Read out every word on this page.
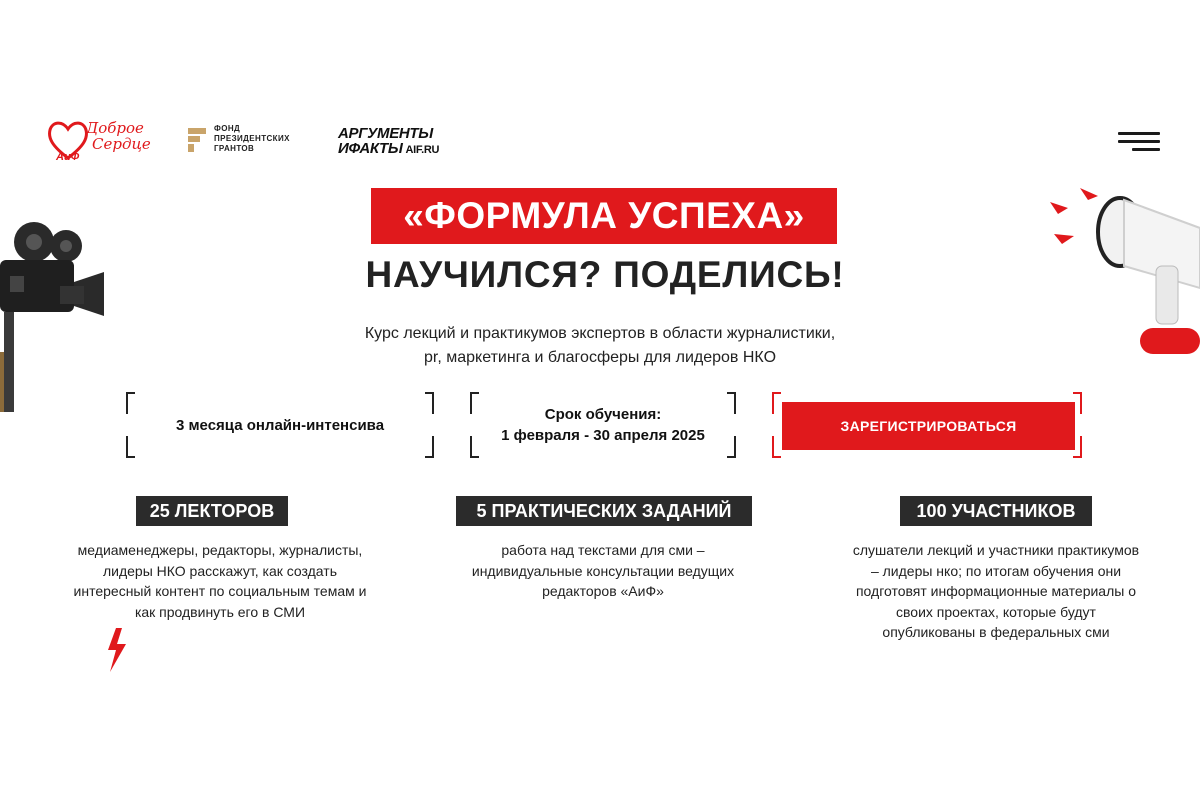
АиФ
Доброе
Сердце
ФОНД
ПРЕЗИДЕНТСКИХ
ГРАНТОВ
АРГУМЕНТЫ
ИФАКТЫ AIF.RU
«ФОРМУЛА УСПЕХА»
НАУЧИЛСЯ? ПОДЕЛИСЬ!
Курс лекций и практикумов экспертов в области журналистики,
pr, маркетинга и благосферы для лидеров НКО
3 месяца онлайн-интенсива
Срок обучения:
1 февраля - 30 апреля 2025
ЗАРЕГИСТРИРОВАТЬСЯ
25 ЛЕКТОРОВ
медиаменеджеры, редакторы, журналисты,
лидеры НКО расскажут, как создать
интересный контент по социальным темам и
как продвинуть его в СМИ
5 ПРАКТИЧЕСКИХ ЗАДАНИЙ
работа над текстами для сми –
индивидуальные консультации ведущих
редакторов «АиФ»
100 УЧАСТНИКОВ
слушатели лекций и участники практикумов
– лидеры нко; по итогам обучения они
подготовят информационные материалы о
своих проектах, которые будут
опубликованы в федеральных сми
